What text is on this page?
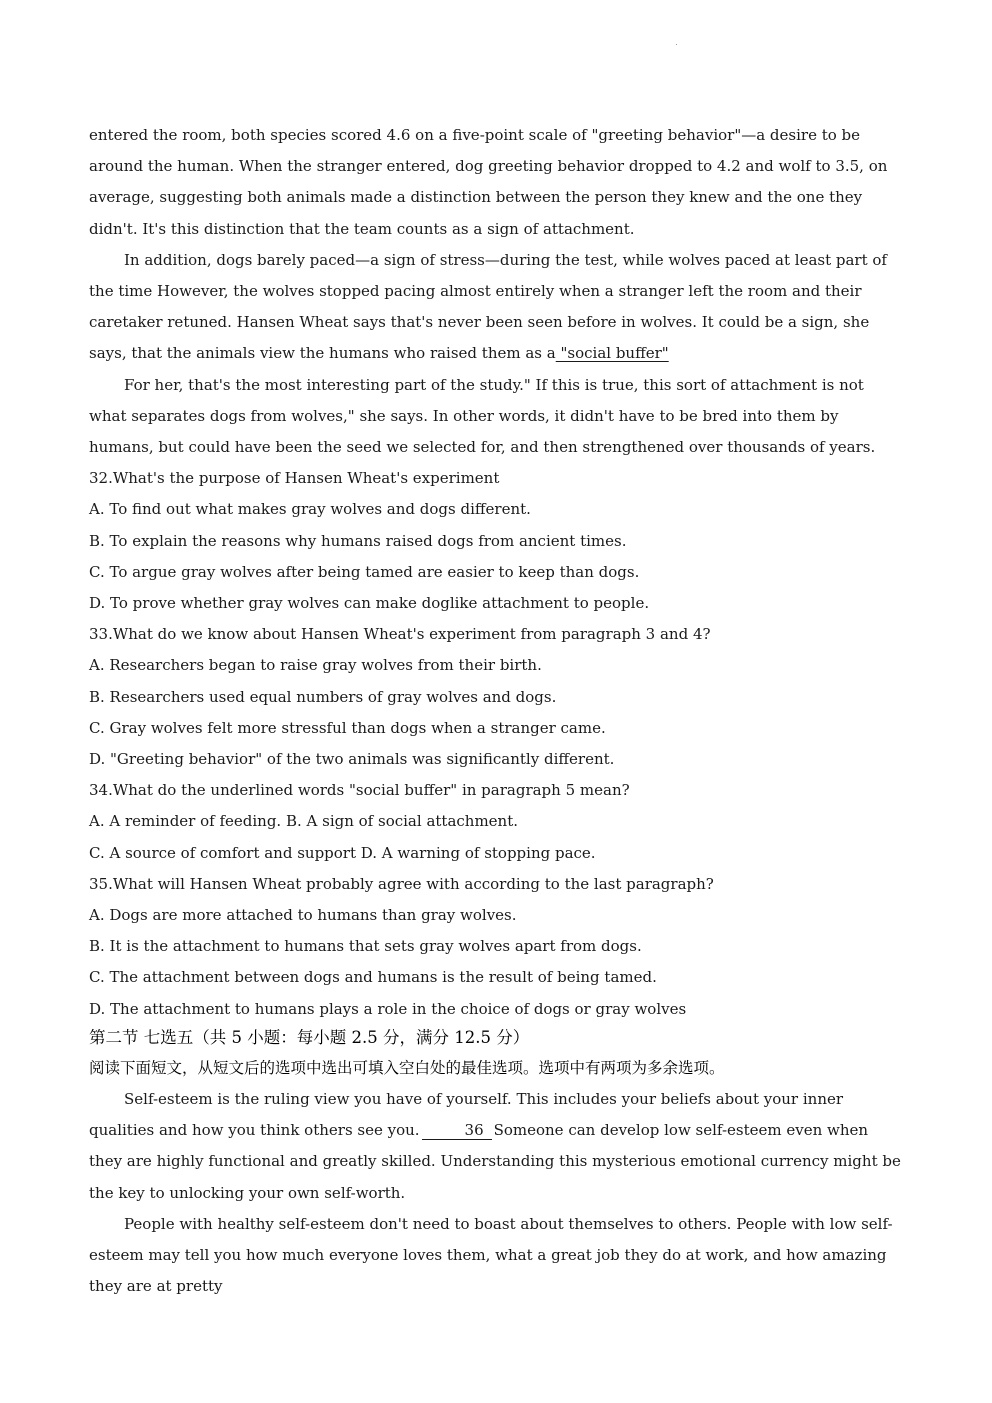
entered the room, both species scored 4.6 on a five-point scale of "greeting behavior"—a desire to be around the human. When the stranger entered, dog greeting behavior dropped to 4.2 and wolf to 3.5, on average, suggesting both animals made a distinction between the person they knew and the one they didn't. It's this distinction that the team counts as a sign of attachment.

In addition, dogs barely paced—a sign of stress—during the test, while wolves paced at least part of the time However, the wolves stopped pacing almost entirely when a stranger left the room and their caretaker retuned. Hansen Wheat says that's never been seen before in wolves. It could be a sign, she says, that the animals view the humans who raised them as a "social buffer"

For her, that's the most interesting part of the study." If this is true, this sort of attachment is not what separates dogs from wolves," she says. In other words, it didn't have to be bred into them by humans, but could have been the seed we selected for, and then strengthened over thousands of years.

32.What's the purpose of Hansen Wheat's experiment

A. To find out what makes gray wolves and dogs different.

B. To explain the reasons why humans raised dogs from ancient times.

C. To argue gray wolves after being tamed are easier to keep than dogs.

D. To prove whether gray wolves can make doglike attachment to people.

33.What do we know about Hansen Wheat's experiment from paragraph 3 and 4?

A. Researchers began to raise gray wolves from their birth.

B. Researchers used equal numbers of gray wolves and dogs.

C. Gray wolves felt more stressful than dogs when a stranger came.

D. "Greeting behavior" of the two animals was significantly different.

34.What do the underlined words "social buffer" in paragraph 5 mean?

A. A reminder of feeding. B. A sign of social attachment.

C. A source of comfort and support D. A warning of stopping pace.

35.What will Hansen Wheat probably agree with according to the last paragraph?

A. Dogs are more attached to humans than gray wolves.

B. It is the attachment to humans that sets gray wolves apart from dogs.

C. The attachment between dogs and humans is the result of being tamed.

D. The attachment to humans plays a role in the choice of dogs or gray wolves

第二节 七选五（共 5 小题：每小题 2.5 分，满分 12.5 分）

阅读下面短文，从短文后的选项中选出可填入空白处的最佳选项。选项中有两项为多余选项。

Self-esteem is the ruling view you have of yourself. This includes your beliefs about your inner qualities and how you think others see you.	36 Someone can develop low self-esteem even when they are highly functional and greatly skilled. Understanding this mysterious emotional currency might be the key to unlocking your own self-worth.

People with healthy self-esteem don't need to boast about themselves to others. People with low self-esteem may tell you how much everyone loves them, what a great job they do at work, and how amazing they are at pretty
